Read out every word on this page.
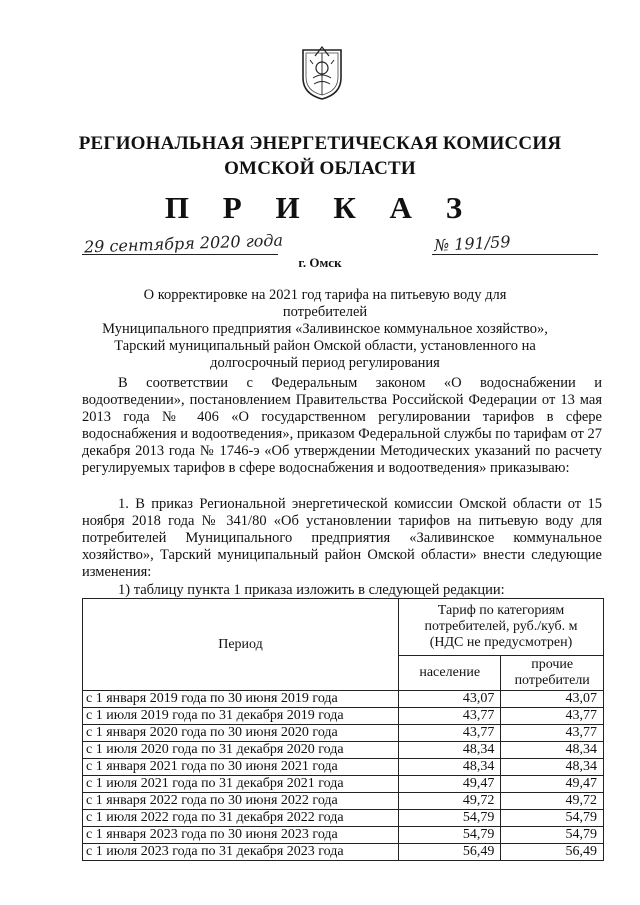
РЕГИОНАЛЬНАЯ ЭНЕРГЕТИЧЕСКАЯ КОМИССИЯ
ОМСКОЙ ОБЛАСТИ
П Р И К А З
29 сентября 2020 года	№ 191/59
г. Омск
О корректировке на 2021 год тарифа на питьевую воду для потребителей
Муниципального предприятия «Заливинское коммунальное хозяйство»,
Тарский муниципальный район Омской области, установленного на
долгосрочный период регулирования

В соответствии с Федеральным законом «О водоснабжении и водоотведении», постановлением Правительства Российской Федерации от 13 мая 2013 года № 406 «О государственном регулировании тарифов в сфере водоснабжения и водоотведения», приказом Федеральной службы по тарифам от 27 декабря 2013 года № 1746-э «Об утверждении Методических указаний по расчету регулируемых тарифов в сфере водоснабжения и водоотведения» приказываю:

1. В приказ Региональной энергетической комиссии Омской области от 15 ноября 2018 года № 341/80 «Об установлении тарифов на питьевую воду для потребителей Муниципального предприятия «Заливинское коммунальное хозяйство», Тарский муниципальный район Омской области» внести следующие изменения:

1) таблицу пункта 1 приказа изложить в следующей редакции:
Период	Тариф по категориям потребителей, руб./куб. м (НДС не предусмотрен)	
	население	прочие потребители
с 1 января 2019 года по 30 июня 2019 года	43,07	43,07
с 1 июля 2019 года по 31 декабря 2019 года	43,77	43,77
с 1 января 2020 года по 30 июня 2020 года	43,77	43,77
с 1 июля 2020 года по 31 декабря 2020 года	48,34	48,34
с 1 января 2021 года по 30 июня 2021 года	48,34	48,34
с 1 июля 2021 года по 31 декабря 2021 года	49,47	49,47
с 1 января 2022 года по 30 июня 2022 года	49,72	49,72
с 1 июля 2022 года по 31 декабря 2022 года	54,79	54,79
с 1 января 2023 года по 30 июня 2023 года	54,79	54,79
с 1 июля 2023 года по 31 декабря 2023 года	56,49	56,49
